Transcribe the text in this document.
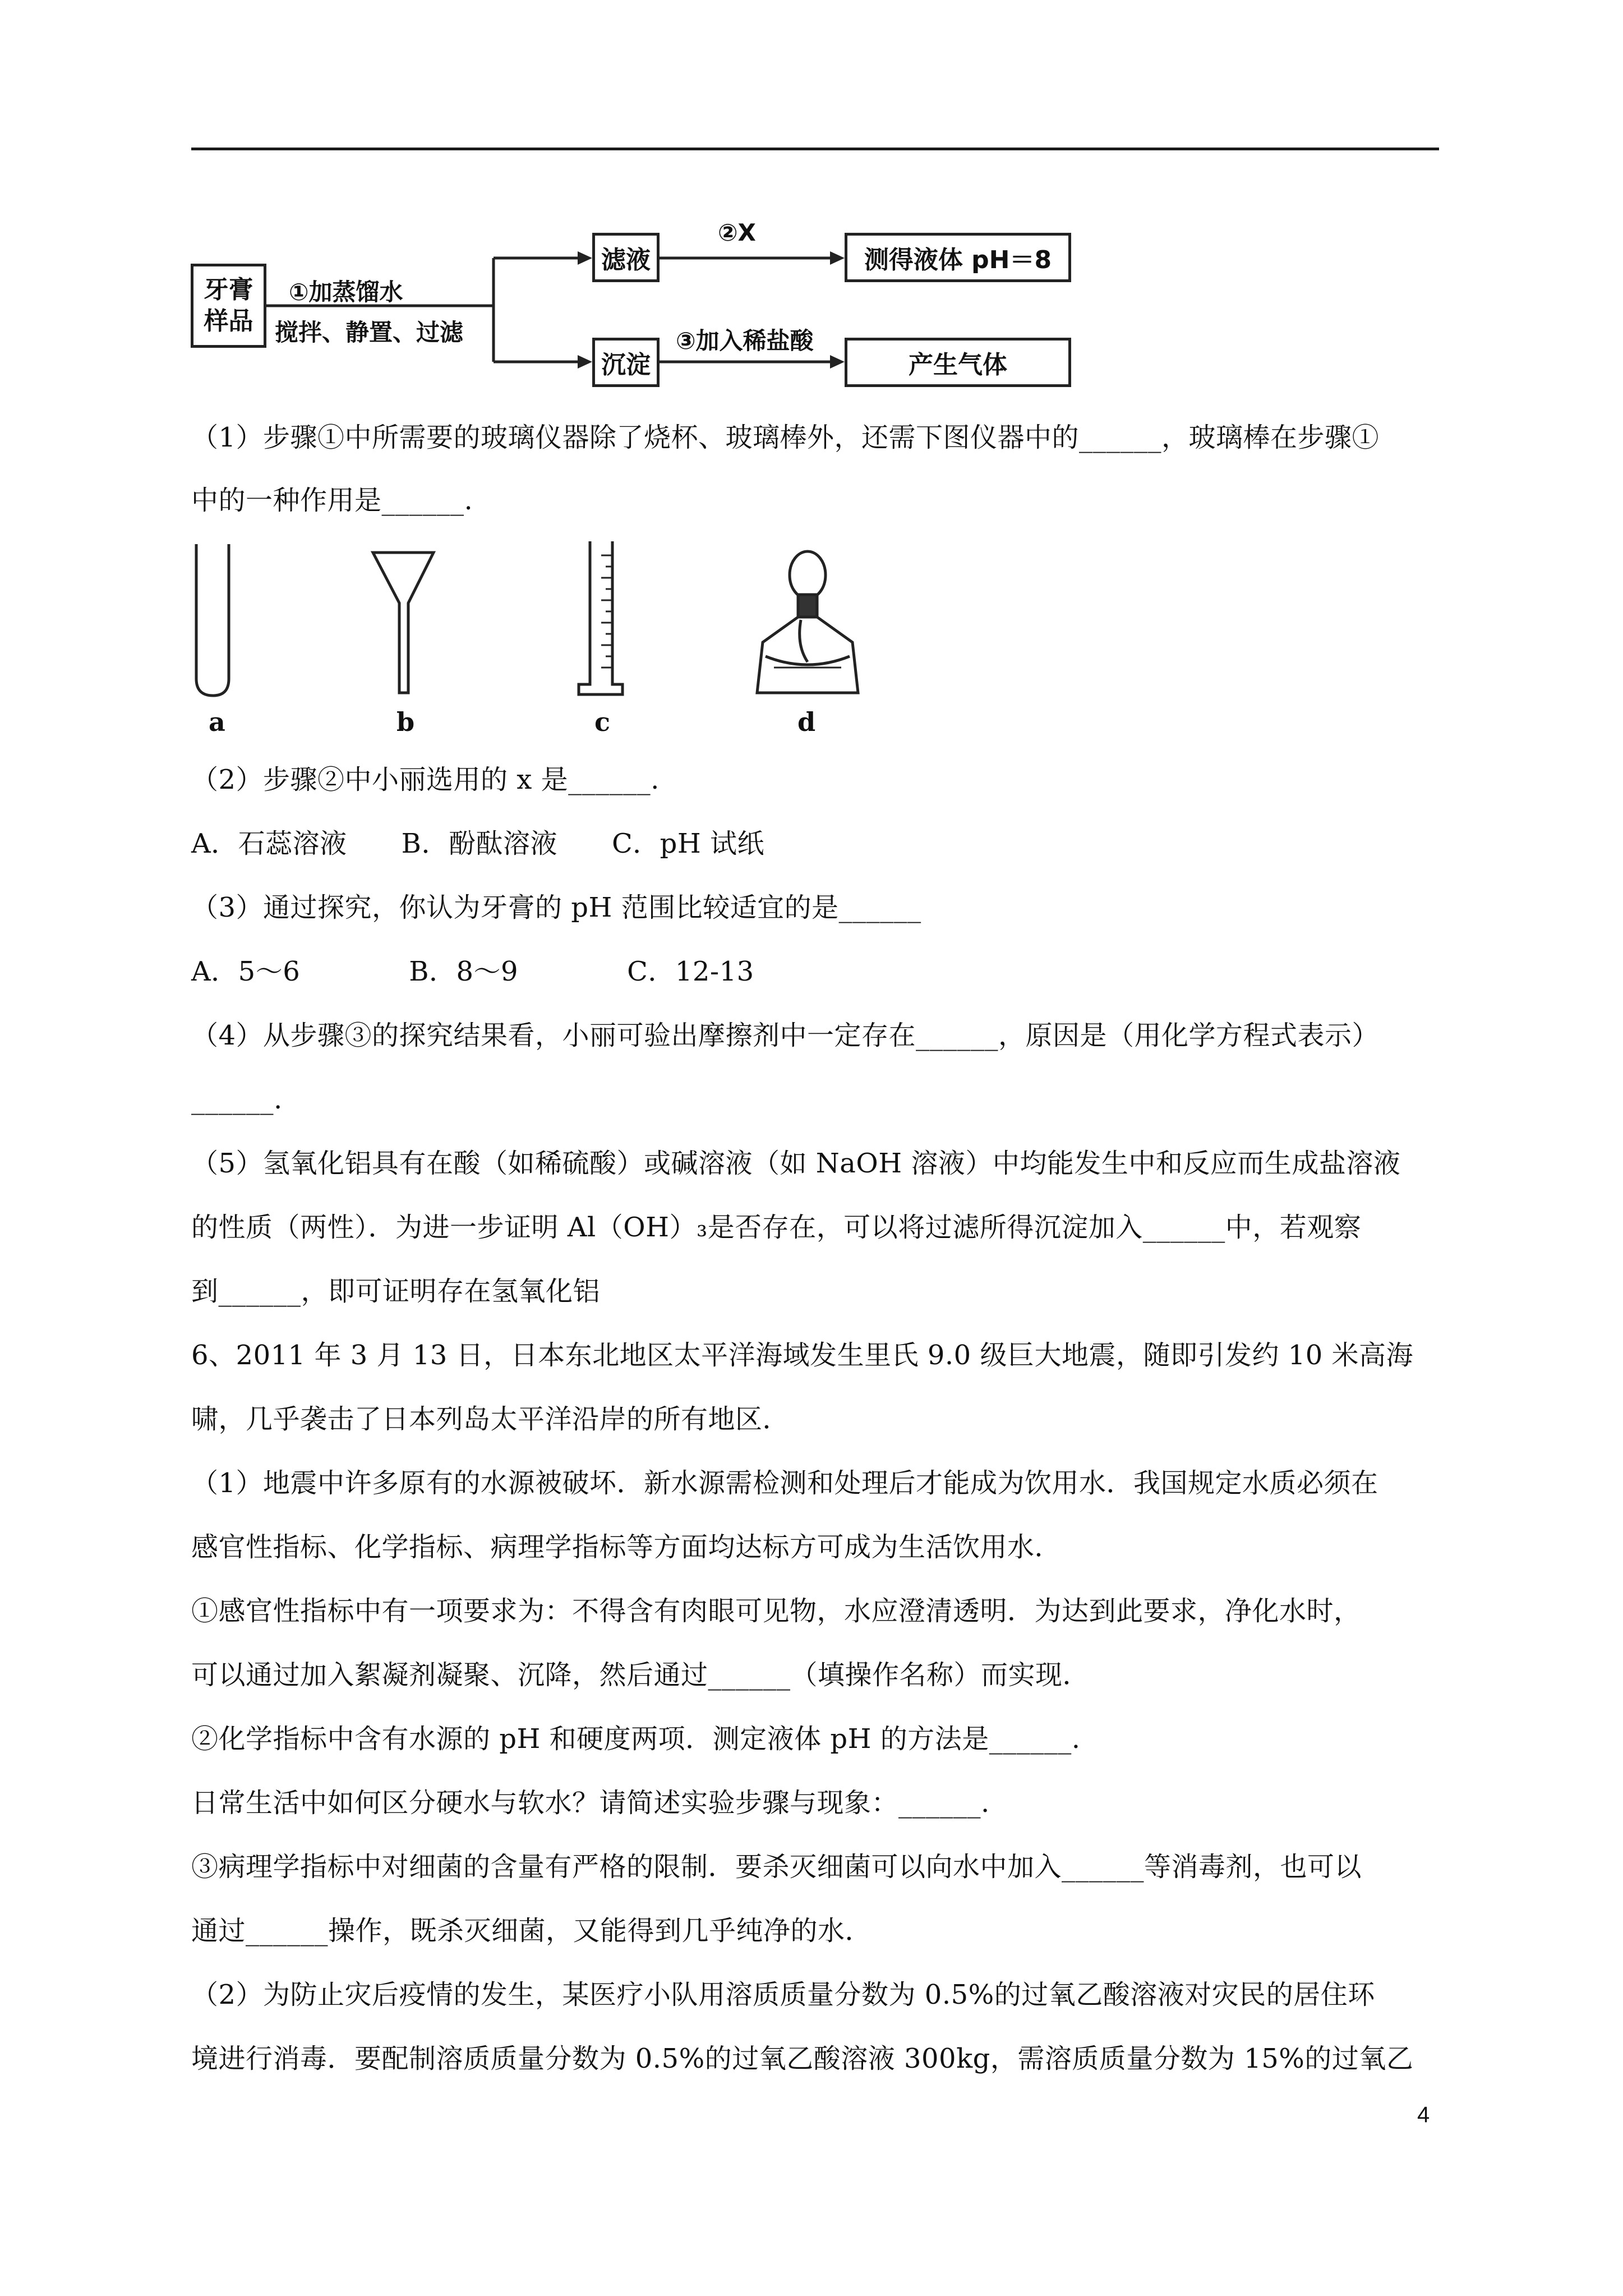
牙膏
样品
①加蒸馏水
搅拌、静置、过滤
滤液
②X
测得液体 pH＝8
沉淀
③加入稀盐酸
产生气体
（1）步骤①中所需要的玻璃仪器除了烧杯、玻璃棒外，还需下图仪器中的______，玻璃棒在步骤①
中的一种作用是______.
a	b	c	d
（2）步骤②中小丽选用的 x 是______.
A．石蕊溶液　　B．酚酞溶液　　C．pH 试纸
（3）通过探究，你认为牙膏的 pH 范围比较适宜的是______
A．5～6　　　　B．8～9　　　　C．12-13
（4）从步骤③的探究结果看，小丽可验出摩擦剂中一定存在______，原因是（用化学方程式表示）
______.
（5）氢氧化铝具有在酸（如稀硫酸）或碱溶液（如 NaOH 溶液）中均能发生中和反应而生成盐溶液
的性质（两性）．为进一步证明 Al（OH）₃是否存在，可以将过滤所得沉淀加入______中，若观察
到______，即可证明存在氢氧化铝
6、2011 年 3 月 13 日，日本东北地区太平洋海域发生里氏 9.0 级巨大地震，随即引发约 10 米高海
啸，几乎袭击了日本列岛太平洋沿岸的所有地区．
（1）地震中许多原有的水源被破坏．新水源需检测和处理后才能成为饮用水．我国规定水质必须在
感官性指标、化学指标、病理学指标等方面均达标方可成为生活饮用水．
①感官性指标中有一项要求为：不得含有肉眼可见物，水应澄清透明．为达到此要求，净化水时，
可以通过加入絮凝剂凝聚、沉降，然后通过______（填操作名称）而实现．
②化学指标中含有水源的 pH 和硬度两项．测定液体 pH 的方法是______.
日常生活中如何区分硬水与软水？请简述实验步骤与现象：______.
③病理学指标中对细菌的含量有严格的限制．要杀灭细菌可以向水中加入______等消毒剂，也可以
通过______操作，既杀灭细菌，又能得到几乎纯净的水．
（2）为防止灾后疫情的发生，某医疗小队用溶质质量分数为 0.5%的过氧乙酸溶液对灾民的居住环
境进行消毒．要配制溶质质量分数为 0.5%的过氧乙酸溶液 300kg，需溶质质量分数为 15%的过氧乙
4
